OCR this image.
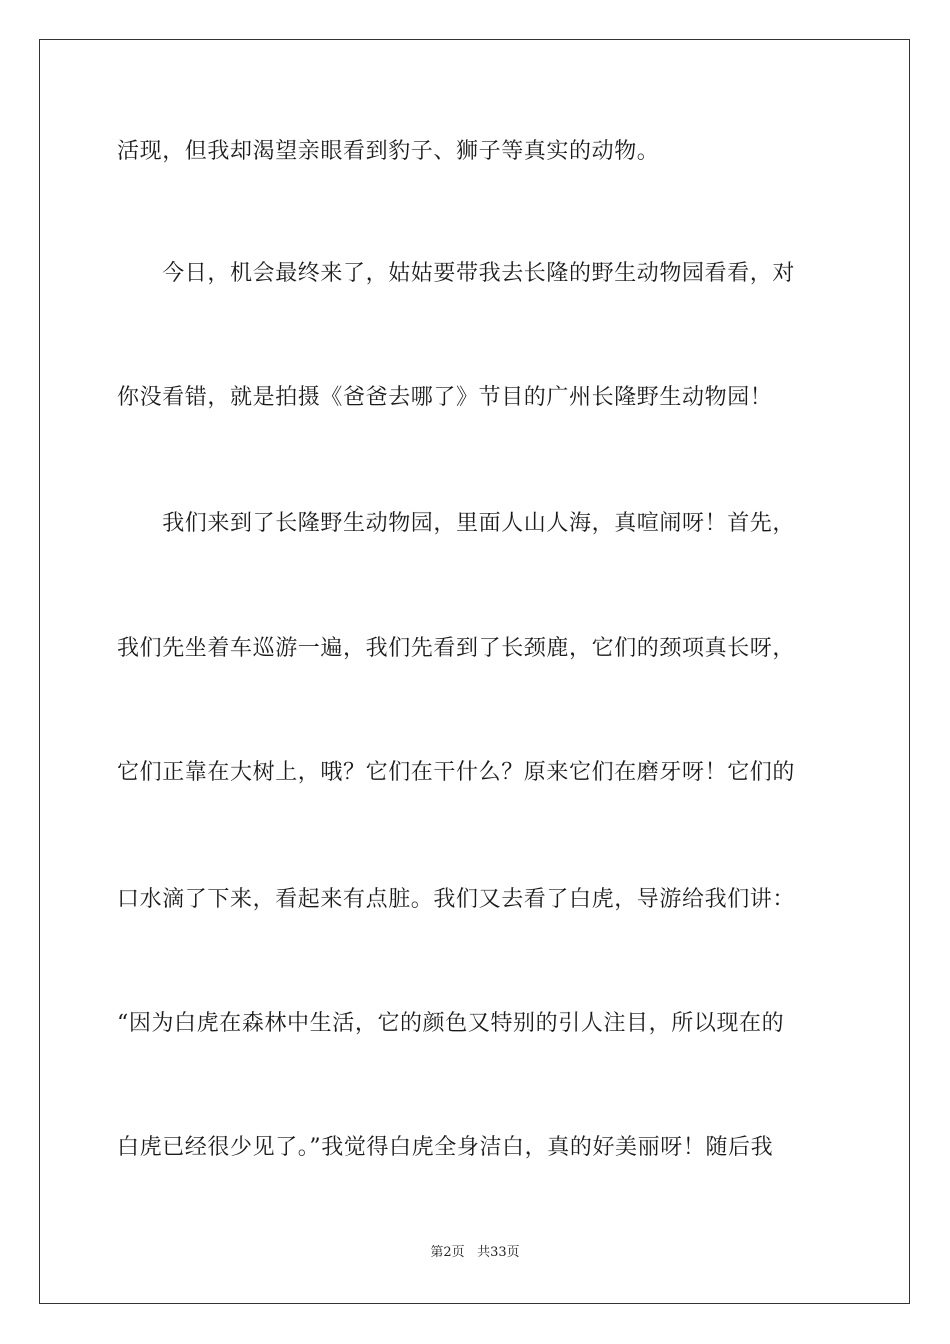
活现，但我却渴望亲眼看到豹子、狮子等真实的动物。
　　今日，机会最终来了，姑姑要带我去长隆的野生动物园看看，对
你没看错，就是拍摄《爸爸去哪了》节目的广州长隆野生动物园！
　　我们来到了长隆野生动物园，里面人山人海，真喧闹呀！首先，
我们先坐着车巡游一遍，我们先看到了长颈鹿，它们的颈项真长呀，
它们正靠在大树上，哦？它们在干什么？原来它们在磨牙呀！它们的
口水滴了下来，看起来有点脏。我们又去看了白虎，导游给我们讲：
“因为白虎在森林中生活，它的颜色又特别的引人注目，所以现在的
白虎已经很少见了。”我觉得白虎全身洁白，真的好美丽呀！随后我
第2页 共33页
